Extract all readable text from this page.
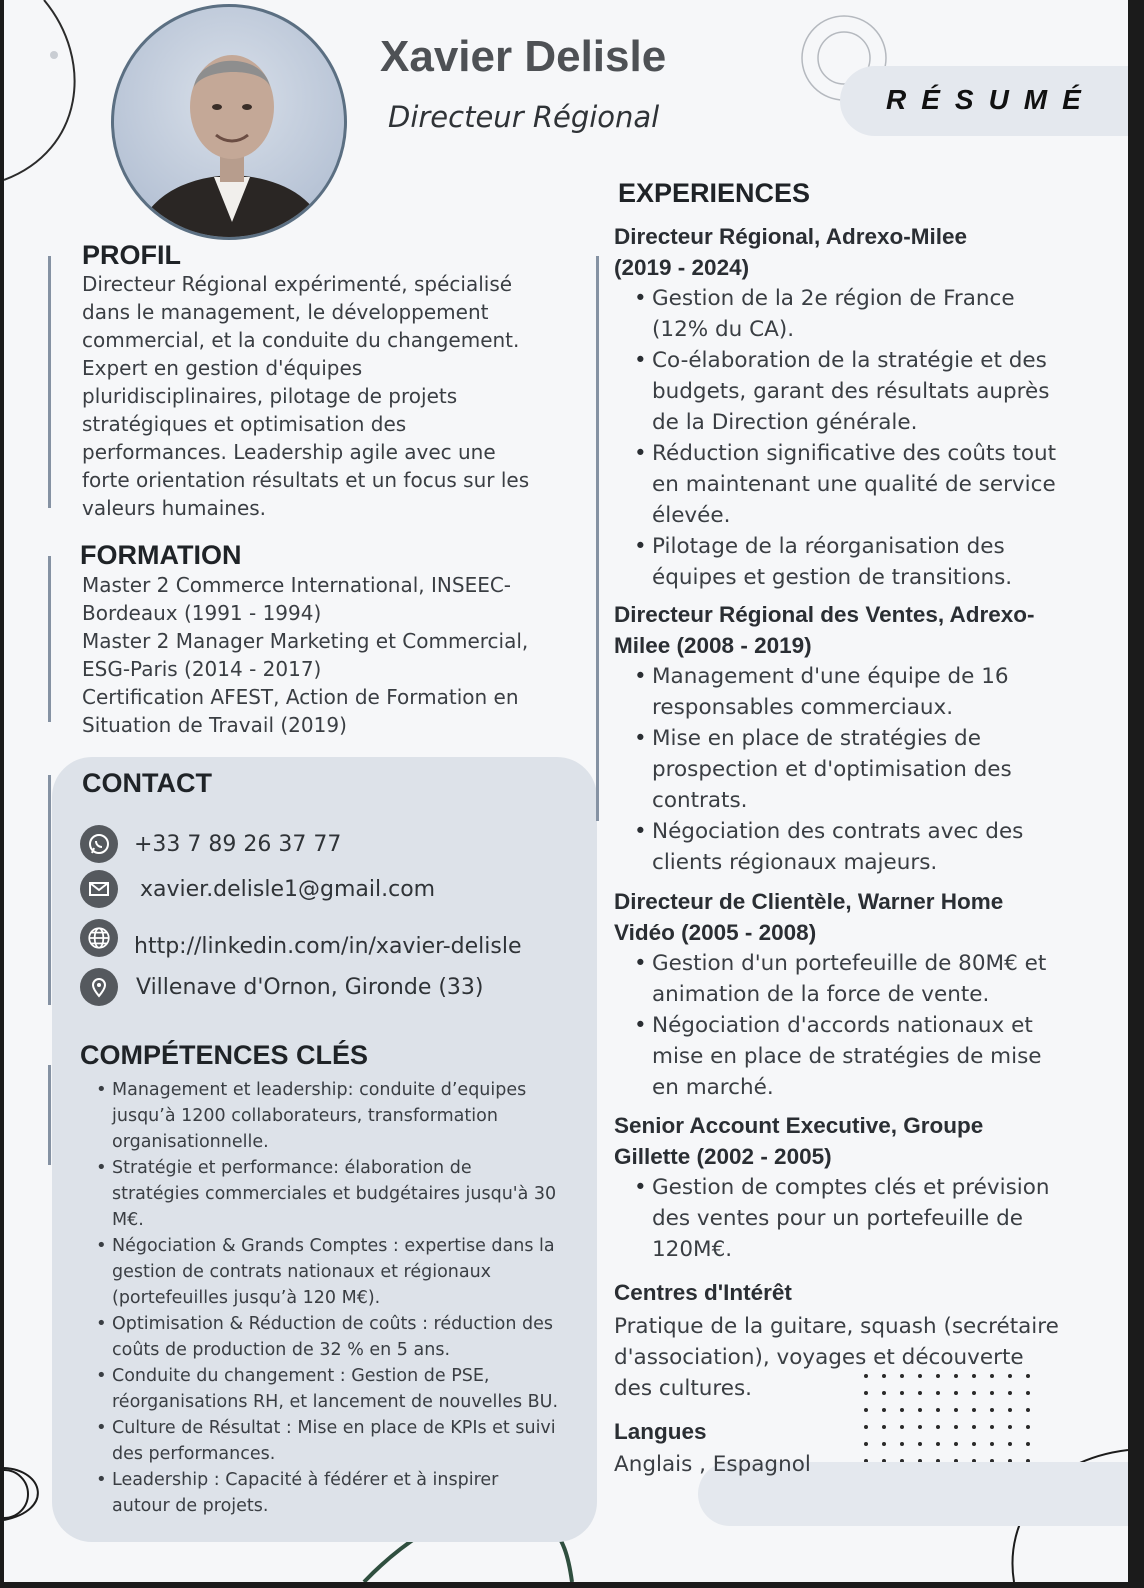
Xavier Delisle
Directeur Régional
RÉSUMÉ
PROFIL
Directeur Régional expérimenté, spécialisé
dans le management, le développement
commercial, et la conduite du changement.
Expert en gestion d'équipes
pluridisciplinaires, pilotage de projets
stratégiques et optimisation des
performances. Leadership agile avec une
forte orientation résultats et un focus sur les
valeurs humaines.
FORMATION
Master 2 Commerce International, INSEEC-
Bordeaux (1991 - 1994)
Master 2 Manager Marketing et Commercial,
ESG-Paris (2014 - 2017)
Certification AFEST, Action de Formation en
Situation de Travail (2019)
CONTACT
+33 7 89 26 37 77
xavier.delisle1@gmail.com
http://linkedin.com/in/xavier-delisle
Villenave d'Ornon, Gironde (33)
COMPÉTENCES CLÉS
• Management et leadership: conduite d’equipes
jusqu’à 1200 collaborateurs, transformation
organisationnelle.
• Stratégie et performance: élaboration de
stratégies commerciales et budgétaires jusqu'à 30
M€.
• Négociation & Grands Comptes : expertise dans la
gestion de contrats nationaux et régionaux
(portefeuilles jusqu’à 120 M€).
• Optimisation & Réduction de coûts : réduction des
coûts de production de 32 % en 5 ans.
• Conduite du changement : Gestion de PSE,
réorganisations RH, et lancement de nouvelles BU.
• Culture de Résultat : Mise en place de KPIs et suivi
des performances.
• Leadership : Capacité à fédérer et à inspirer
autour de projets.
EXPERIENCES
Directeur Régional, Adrexo-Milee
(2019 - 2024)
• Gestion de la 2e région de France
(12% du CA).
• Co-élaboration de la stratégie et des
budgets, garant des résultats auprès
de la Direction générale.
• Réduction significative des coûts tout
en maintenant une qualité de service
élevée.
• Pilotage de la réorganisation des
équipes et gestion de transitions.
Directeur Régional des Ventes, Adrexo-
Milee (2008 - 2019)
• Management d'une équipe de 16
responsables commerciaux.
• Mise en place de stratégies de
prospection et d'optimisation des
contrats.
• Négociation des contrats avec des
clients régionaux majeurs.
Directeur de Clientèle, Warner Home
Vidéo (2005 - 2008)
• Gestion d'un portefeuille de 80M€ et
animation de la force de vente.
• Négociation d'accords nationaux et
mise en place de stratégies de mise
en marché.
Senior Account Executive, Groupe
Gillette (2002 - 2005)
• Gestion de comptes clés et prévision
des ventes pour un portefeuille de
120M€.
Centres d'Intérêt
Pratique de la guitare, squash (secrétaire
d'association), voyages et découverte
des cultures.
Langues
Anglais , Espagnol
